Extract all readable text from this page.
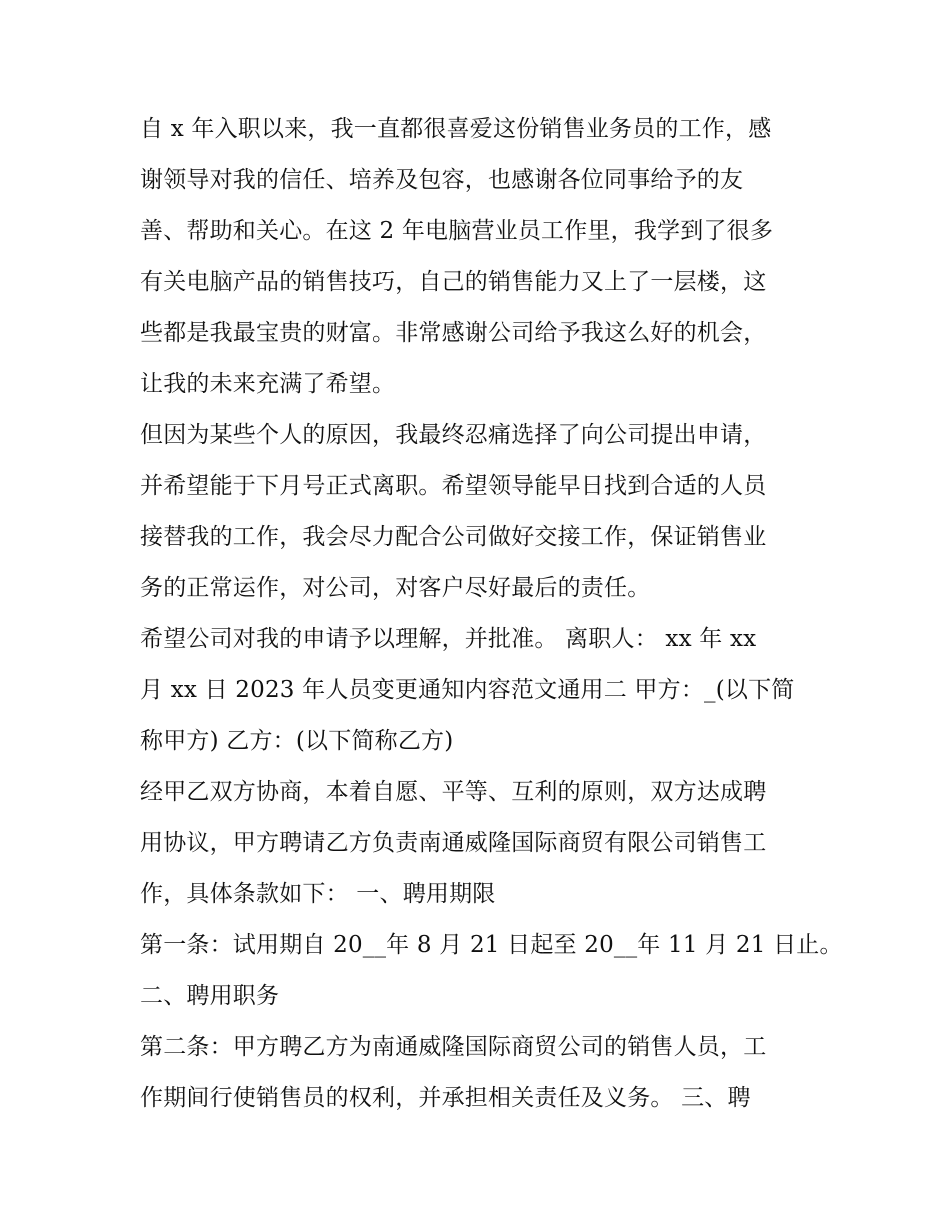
自 x 年入职以来，我一直都很喜爱这份销售业务员的工作，感
谢领导对我的信任、培养及包容，也感谢各位同事给予的友
善、帮助和关心。在这 2 年电脑营业员工作里，我学到了很多
有关电脑产品的销售技巧，自己的销售能力又上了一层楼，这
些都是我最宝贵的财富。非常感谢公司给予我这么好的机会，
让我的未来充满了希望。
但因为某些个人的原因，我最终忍痛选择了向公司提出申请，
并希望能于下月号正式离职。希望领导能早日找到合适的人员
接替我的工作，我会尽力配合公司做好交接工作，保证销售业
务的正常运作，对公司，对客户尽好最后的责任。
希望公司对我的申请予以理解，并批准。 离职人： xx 年 xx
月 xx 日 2023 年人员变更通知内容范文通用二 甲方：_(以下简
称甲方) 乙方：(以下简称乙方)
经甲乙双方协商，本着自愿、平等、互利的原则，双方达成聘
用协议，甲方聘请乙方负责南通威隆国际商贸有限公司销售工
作，具体条款如下： 一、聘用期限
第一条：试用期自 20__年 8 月 21 日起至 20__年 11 月 21 日止。
二、聘用职务
第二条：甲方聘乙方为南通威隆国际商贸公司的销售人员，工
作期间行使销售员的权利，并承担相关责任及义务。 三、聘
